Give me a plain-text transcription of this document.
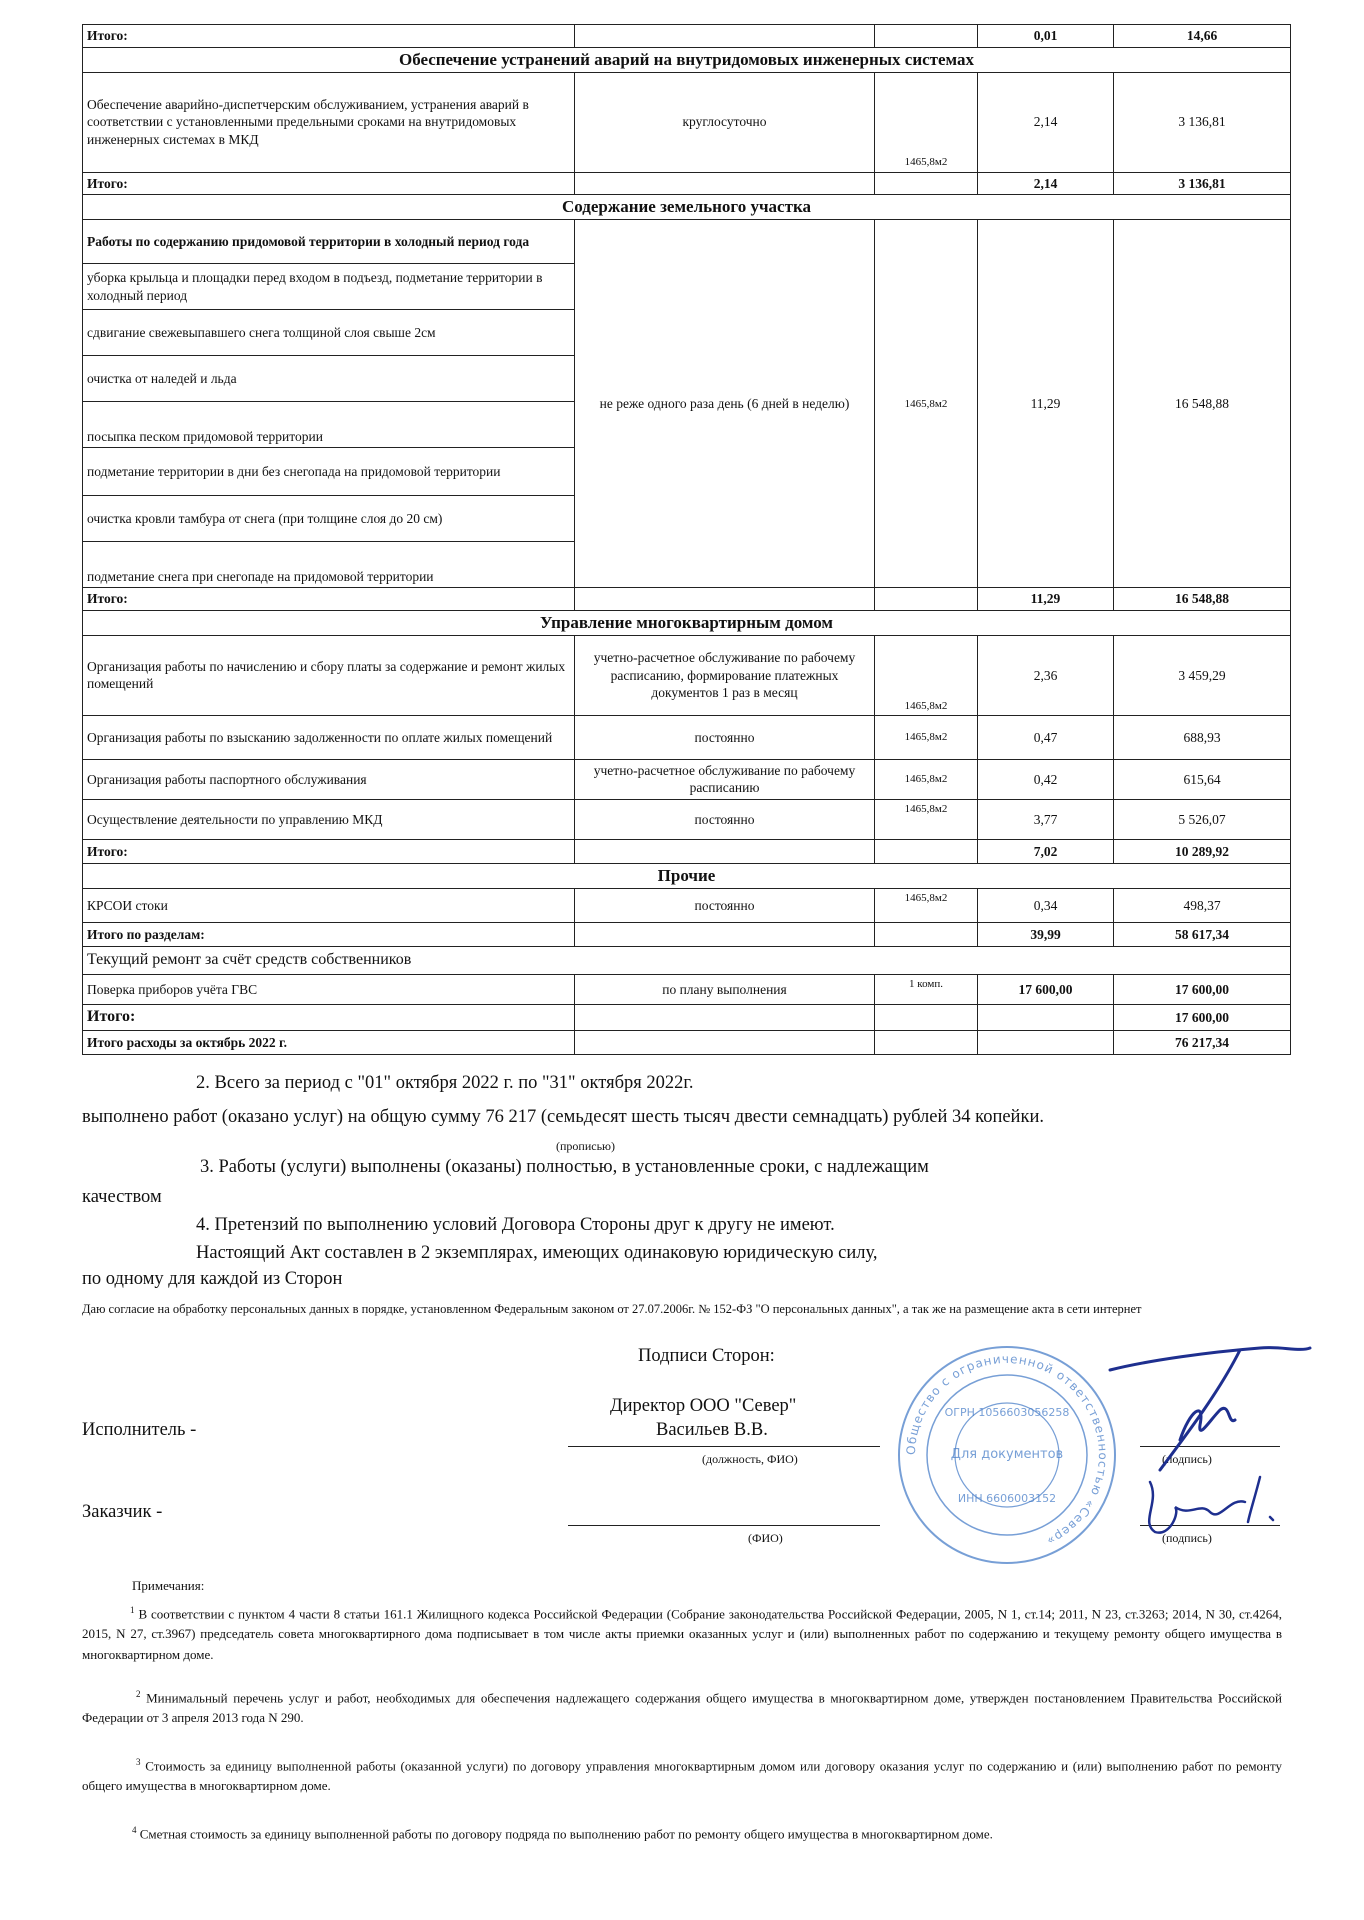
Итого:			0,01	14,66
Обеспечение устранений аварий на внутридомовых инженерных системах				
Обеспечение аварийно-диспетчерским обслуживанием, устранения аварий в соответствии с установленными предельными сроками на внутридомовых инженерных системах в МКД	круглосуточно	1465,8м2	2,14	3 136,81
Итого:			2,14	3 136,81
Содержание земельного участка				
Работы по содержанию придомовой территории в холодный период года	не реже одного раза день (6 дней в неделю)	1465,8м2	11,29	16 548,88
уборка крыльца и площадки перед входом в подъезд, подметание территории в холодный период				
сдвигание свежевыпавшего снега толщиной слоя свыше 2см				
очистка от наледей и льда				
посыпка песком придомовой территории				
подметание территории в дни без снегопада на придомовой территории				
очистка кровли тамбура от снега (при толщине слоя до 20 см)				
подметание снега при снегопаде на придомовой территории				
Итого:			11,29	16 548,88
Управление многоквартирным домом				
Организация работы по начислению и сбору платы за содержание и ремонт жилых помещений	учетно-расчетное обслуживание по рабочему расписанию, формирование платежных документов 1 раз в месяц	1465,8м2	2,36	3 459,29
Организация работы по взысканию задолженности по оплате жилых помещений	постоянно	1465,8м2	0,47	688,93
Организация работы паспортного обслуживания	учетно-расчетное обслуживание по рабочему расписанию	1465,8м2	0,42	615,64
Осуществление деятельности по управлению МКД	постоянно	1465,8м2	3,77	5 526,07
Итого:			7,02	10 289,92
Прочие				
КРСОИ стоки	постоянно	1465,8м2	0,34	498,37
Итого по разделам:			39,99	58 617,34
Текущий ремонт за счёт средств собственников				
Поверка приборов учёта ГВС	по плану выполнения	1 комп.	17 600,00	17 600,00
Итого:				17 600,00
Итого расходы за октябрь 2022 г.				76 217,34
2. Всего за период с "01" октября 2022 г. по "31" октября 2022г.
выполнено работ (оказано услуг) на общую сумму 76 217 (семьдесят шесть тысяч двести семнадцать) рублей 34 копейки.
(прописью)
3. Работы (услуги) выполнены (оказаны) полностью, в установленные сроки, с надлежащим
качеством
4. Претензий по выполнению условий Договора Стороны друг к другу не имеют.
Настоящий Акт составлен в 2 экземплярах, имеющих одинаковую юридическую силу,
по одному для каждой из Сторон
Даю согласие на обработку персональных данных в порядке, установленном Федеральным законом от 27.07.2006г. № 152-ФЗ "О персональных данных", а так же на размещение акта в сети интернет
Подписи Сторон:
Директор ООО "Север"
Исполнитель -	Васильев В.В.
(должность, ФИО)	(подпись)
Заказчик -
(ФИО)	(подпись)
Общество с ограниченной ответственностью «Север»
ОГРН 1056603056258
Для документов
ИНН 6606003152
Примечания:
$^1$ В соответствии с пунктом 4 части 8 статьи 161.1 Жилищного кодекса Российской Федерации (Собрание законодательства Российской Федерации, 2005, N 1, ст.14; 2011, N 23, ст.3263; 2014, N 30, ст.4264, 2015, N 27, ст.3967) председатель совета многоквартирного дома подписывает в том числе акты приемки оказанных услуг и (или) выполненных работ по содержанию и текущему ремонту общего имущества в многоквартирном доме.
$^2$ Минимальный перечень услуг и работ, необходимых для обеспечения надлежащего содержания общего имущества в многоквартирном доме, утвержден постановлением Правительства Российской Федерации от 3 апреля 2013 года N 290.
$^3$ Стоимость за единицу выполненной работы (оказанной услуги) по договору управления многоквартирным домом или договору оказания услуг по содержанию и (или) выполнению работ по ремонту общего имущества в многоквартирном доме.
$^4$ Сметная стоимость за единицу выполненной работы по договору подряда по выполнению работ по ремонту общего имущества в многоквартирном доме.
